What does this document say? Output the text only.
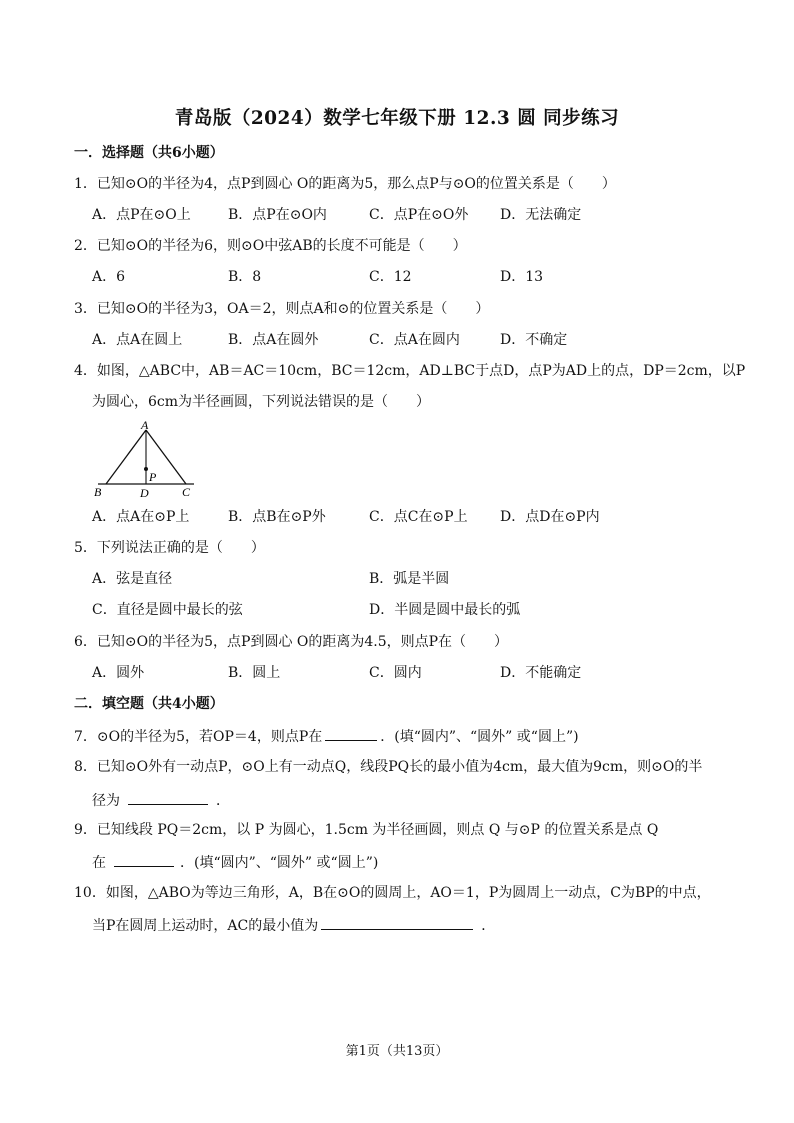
青岛版（2024）数学七年级下册 12.3 圆 同步练习
一．选择题（共6小题）
1．已知⊙O的半径为4，点P到圆心 O的距离为5，那么点P与⊙O的位置关系是（　　）
A．点P在⊙O上	B．点P在⊙O内	C．点P在⊙O外 D．无法确定
2．已知⊙O的半径为6，则⊙O中弦AB的长度不可能是（　　）
A．6	B．8	C．12	D．13
3．已知⊙O的半径为3，OA＝2，则点A和⊙的位置关系是（　　）
A．点A在圆上	B．点A在圆外	C．点A在圆内	D．不确定
4．如图，△ABC中，AB＝AC＝10cm，BC＝12cm，AD⊥BC于点D，点P为AD上的点，DP＝2cm，以P
为圆心，6cm为半径画圆，下列说法错误的是（　　）
A
B	C
D
P
A．点A在⊙P上	B．点B在⊙P外	C．点C在⊙P上 D．点D在⊙P内
5．下列说法正确的是（　　）
A．弦是直径	B．弧是半圆
C．直径是圆中最长的弦	D．半圆是圆中最长的弧
6．已知⊙O的半径为5，点P到圆心 O的距离为4.5，则点P在（　　）
A．圆外	B．圆上	C．圆内	D．不能确定
二．填空题（共4小题）
7．⊙O的半径为5，若OP＝4，则点P在	．(填“圆内”、“圆外” 或“圆上”)
8．已知⊙O外有一动点P，⊙O上有一动点Q，线段PQ长的最小值为4cm，最大值为9cm，则⊙O的半
径为	．
9．已知线段 PQ＝2cm，以 P 为圆心，1.5cm 为半径画圆，则点 Q 与⊙P 的位置关系是点 Q
在	．(填“圆内”、“圆外” 或“圆上”)
10．如图，△ABO为等边三角形，A，B在⊙O的圆周上，AO＝1，P为圆周上一动点，C为BP的中点，
当P在圆周上运动时，AC的最小值为	．
第1页（共13页）
